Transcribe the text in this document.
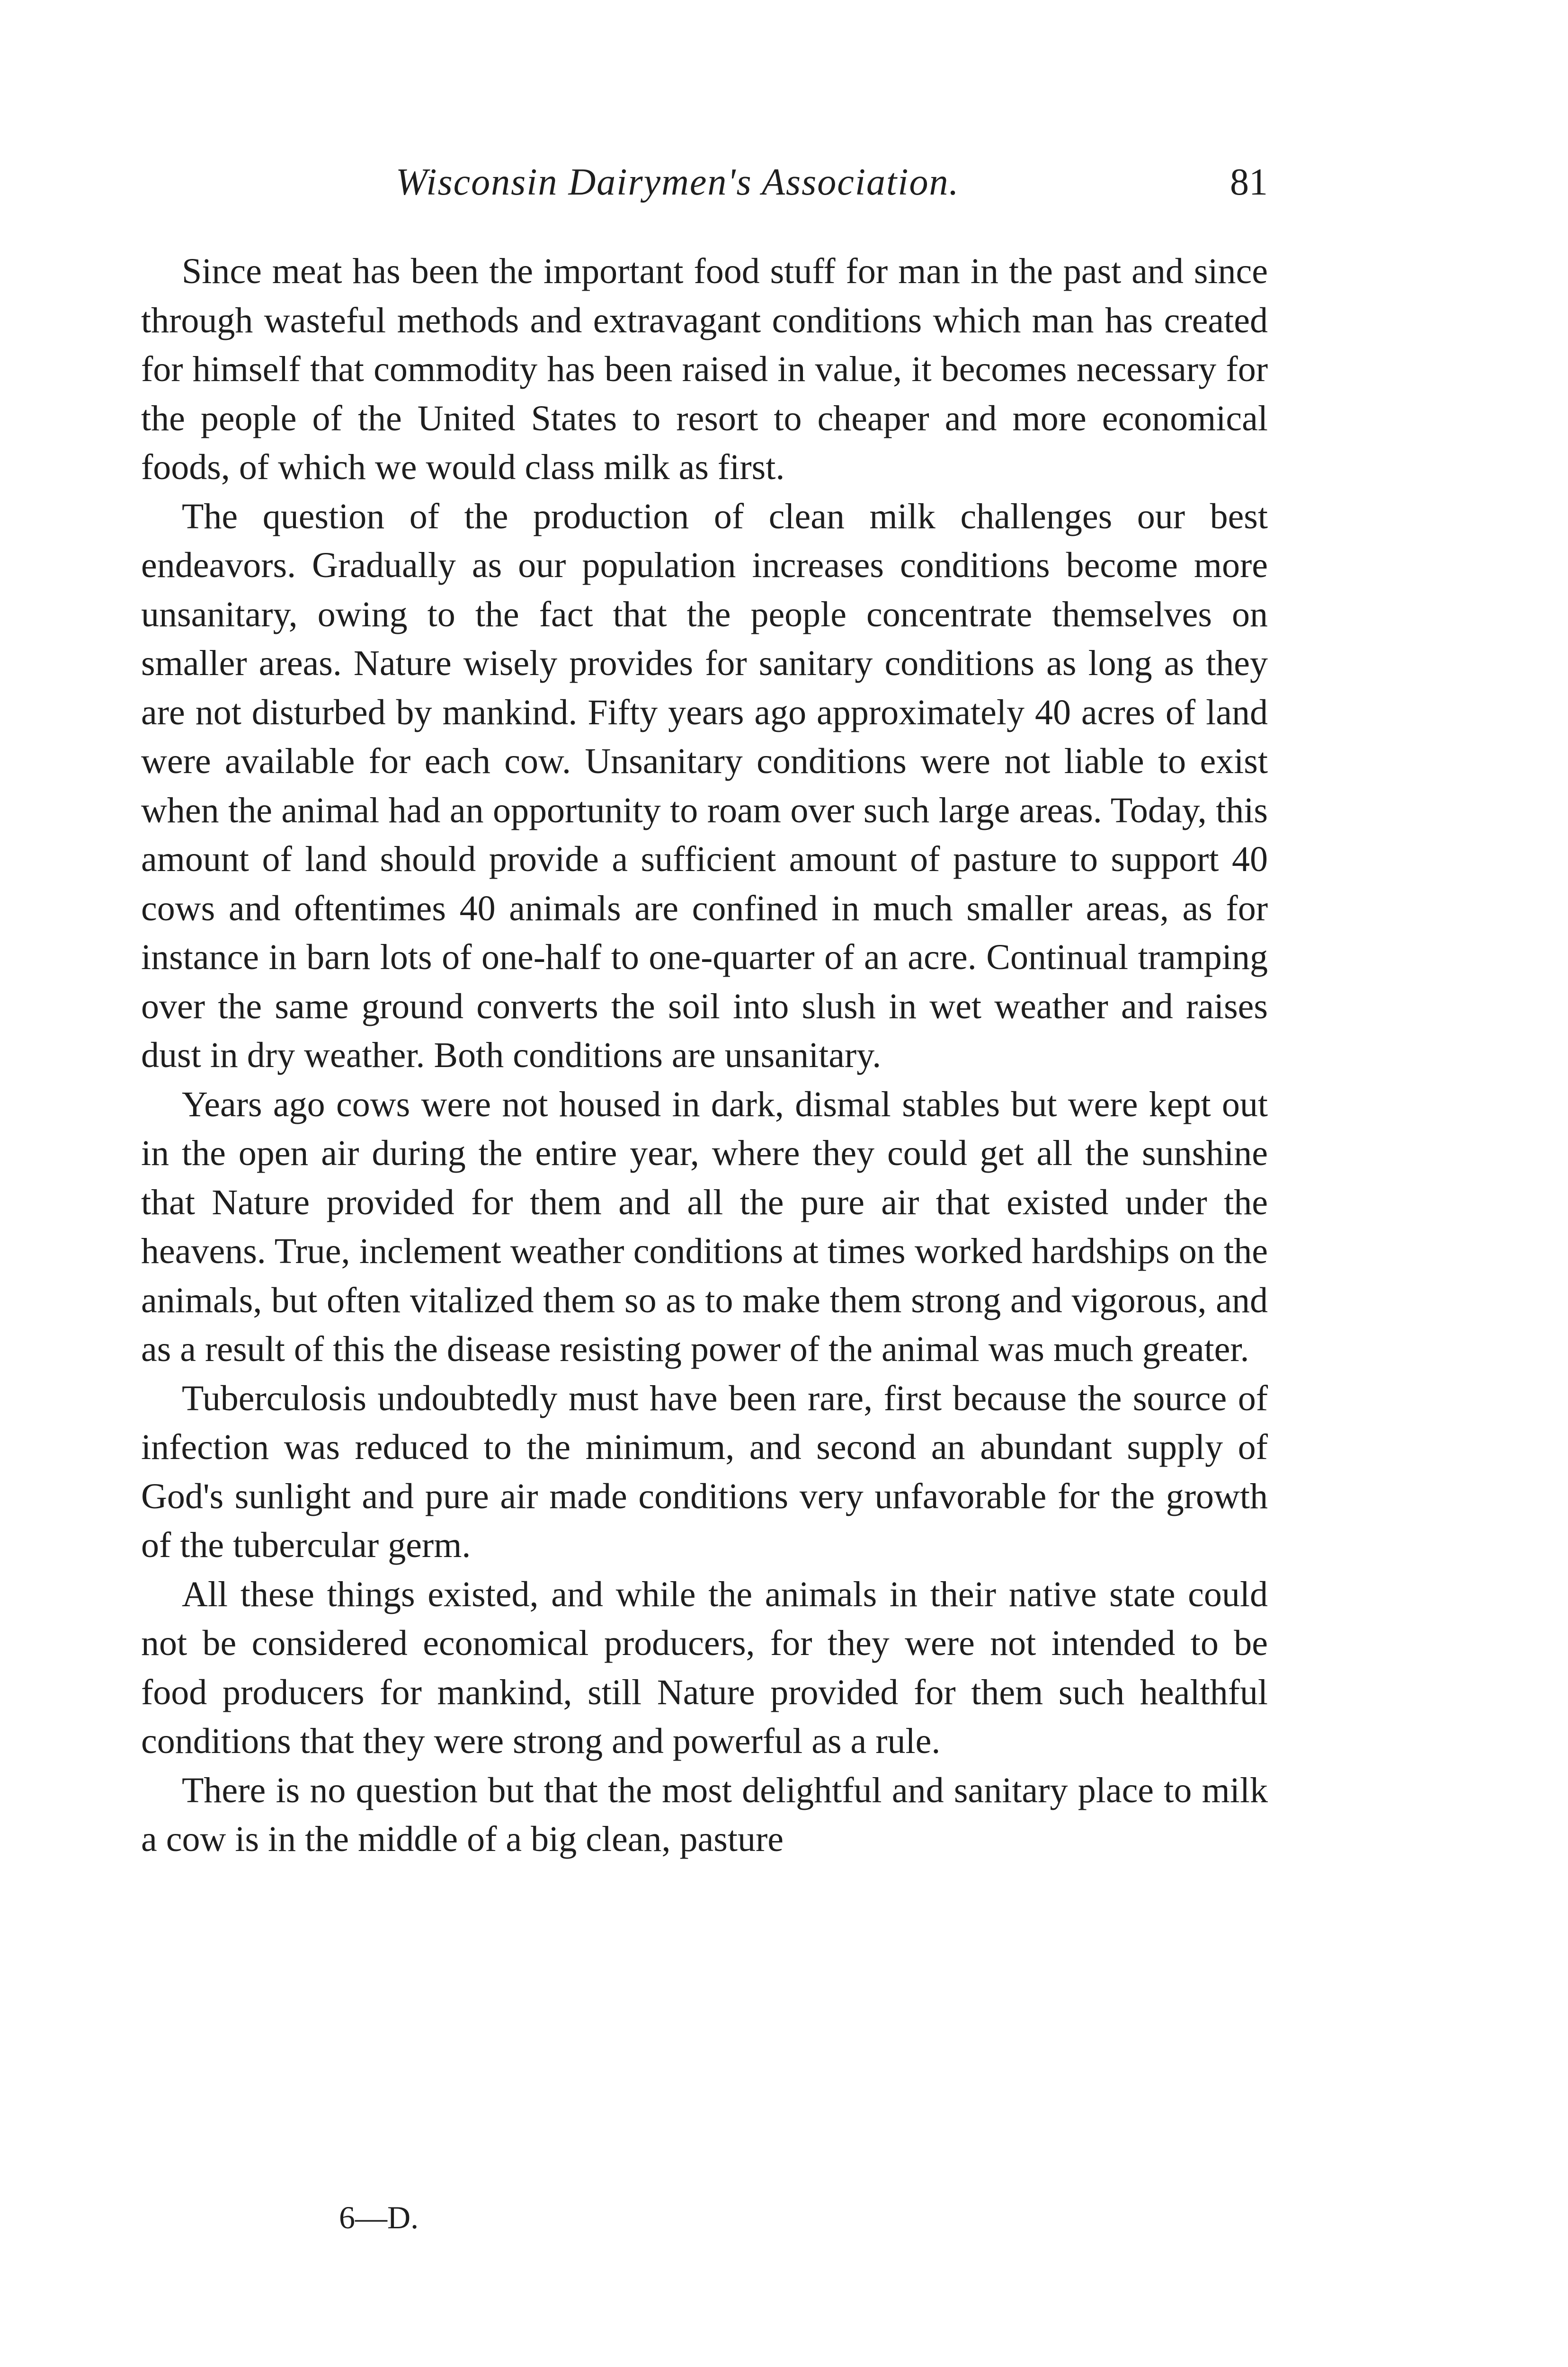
Wisconsin Dairymen's Association.	81

Since meat has been the important food stuff for man in the past and since through wasteful methods and extravagant conditions which man has created for himself that commodity has been raised in value, it becomes necessary for the people of the United States to resort to cheaper and more economical foods, of which we would class milk as first.

The question of the production of clean milk challenges our best endeavors. Gradually as our population increases conditions become more unsanitary, owing to the fact that the people concentrate themselves on smaller areas. Nature wisely provides for sanitary conditions as long as they are not disturbed by mankind. Fifty years ago approximately 40 acres of land were available for each cow. Unsanitary conditions were not liable to exist when the animal had an opportunity to roam over such large areas. Today, this amount of land should provide a sufficient amount of pasture to support 40 cows and oftentimes 40 animals are confined in much smaller areas, as for instance in barn lots of one-half to one-quarter of an acre. Continual tramping over the same ground converts the soil into slush in wet weather and raises dust in dry weather. Both conditions are unsanitary.

Years ago cows were not housed in dark, dismal stables but were kept out in the open air during the entire year, where they could get all the sunshine that Nature provided for them and all the pure air that existed under the heavens. True, inclement weather conditions at times worked hardships on the animals, but often vitalized them so as to make them strong and vigorous, and as a result of this the disease resisting power of the animal was much greater.

Tuberculosis undoubtedly must have been rare, first because the source of infection was reduced to the minimum, and second an abundant supply of God's sunlight and pure air made conditions very unfavorable for the growth of the tubercular germ.

All these things existed, and while the animals in their native state could not be considered economical producers, for they were not intended to be food producers for mankind, still Nature provided for them such healthful conditions that they were strong and powerful as a rule.

There is no question but that the most delightful and sanitary place to milk a cow is in the middle of a big clean, pasture

6—D.
